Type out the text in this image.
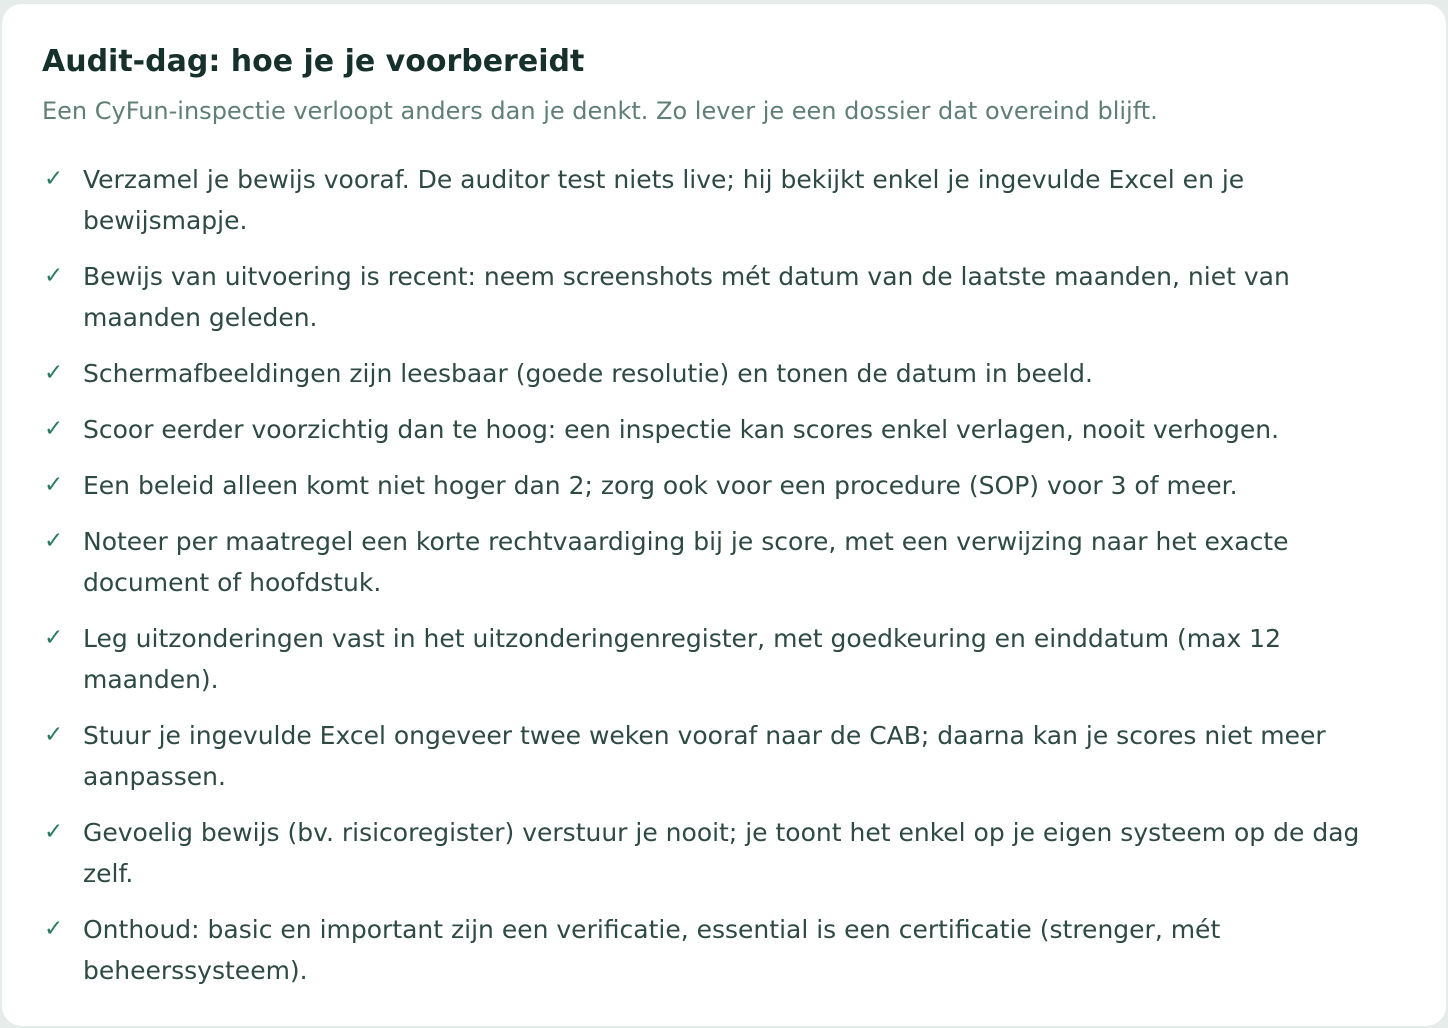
Audit-dag: hoe je je voorbereidt

Een CyFun-inspectie verloopt anders dan je denkt. Zo lever je een dossier dat overeind blijft.

✓ Verzamel je bewijs vooraf. De auditor test niets live; hij bekijkt enkel je ingevulde Excel en je bewijsmapje.
✓ Bewijs van uitvoering is recent: neem screenshots mét datum van de laatste maanden, niet van maanden geleden.
✓ Schermafbeeldingen zijn leesbaar (goede resolutie) en tonen de datum in beeld.
✓ Scoor eerder voorzichtig dan te hoog: een inspectie kan scores enkel verlagen, nooit verhogen.
✓ Een beleid alleen komt niet hoger dan 2; zorg ook voor een procedure (SOP) voor 3 of meer.
✓ Noteer per maatregel een korte rechtvaardiging bij je score, met een verwijzing naar het exacte document of hoofdstuk.
✓ Leg uitzonderingen vast in het uitzonderingenregister, met goedkeuring en einddatum (max 12 maanden).
✓ Stuur je ingevulde Excel ongeveer twee weken vooraf naar de CAB; daarna kan je scores niet meer aanpassen.
✓ Gevoelig bewijs (bv. risicoregister) verstuur je nooit; je toont het enkel op je eigen systeem op de dag zelf.
✓ Onthoud: basic en important zijn een verificatie, essential is een certificatie (strenger, mét beheerssysteem).
